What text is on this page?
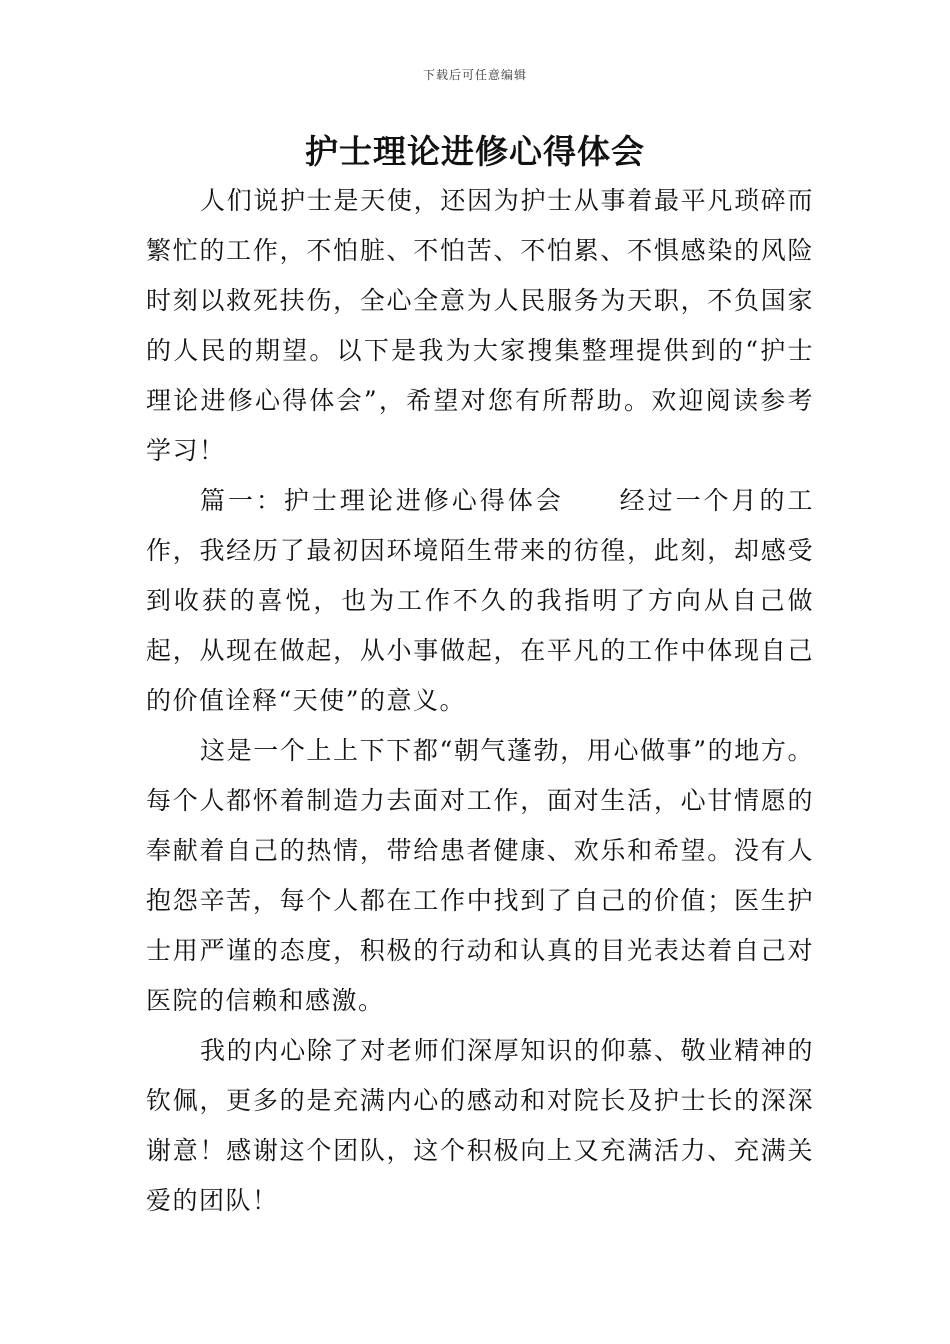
下载后可任意编辑
护士理论进修心得体会

人们说护士是天使，还因为护士从事着最平凡琐碎而繁忙的工作，不怕脏、不怕苦、不怕累、不惧感染的风险时刻以救死扶伤，全心全意为人民服务为天职，不负国家的人民的期望。以下是我为大家搜集整理提供到的“护士理论进修心得体会”，希望对您有所帮助。欢迎阅读参考学习！

篇一：护士理论进修心得体会　　经过一个月的工作，我经历了最初因环境陌生带来的彷徨，此刻，却感受到收获的喜悦，也为工作不久的我指明了方向从自己做起，从现在做起，从小事做起，在平凡的工作中体现自己的价值诠释“天使”的意义。

这是一个上上下下都“朝气蓬勃，用心做事”的地方。每个人都怀着制造力去面对工作，面对生活，心甘情愿的奉献着自己的热情，带给患者健康、欢乐和希望。没有人抱怨辛苦，每个人都在工作中找到了自己的价值；医生护士用严谨的态度，积极的行动和认真的目光表达着自己对医院的信赖和感激。

我的内心除了对老师们深厚知识的仰慕、敬业精神的钦佩，更多的是充满内心的感动和对院长及护士长的深深谢意！感谢这个团队，这个积极向上又充满活力、充满关爱的团队！
